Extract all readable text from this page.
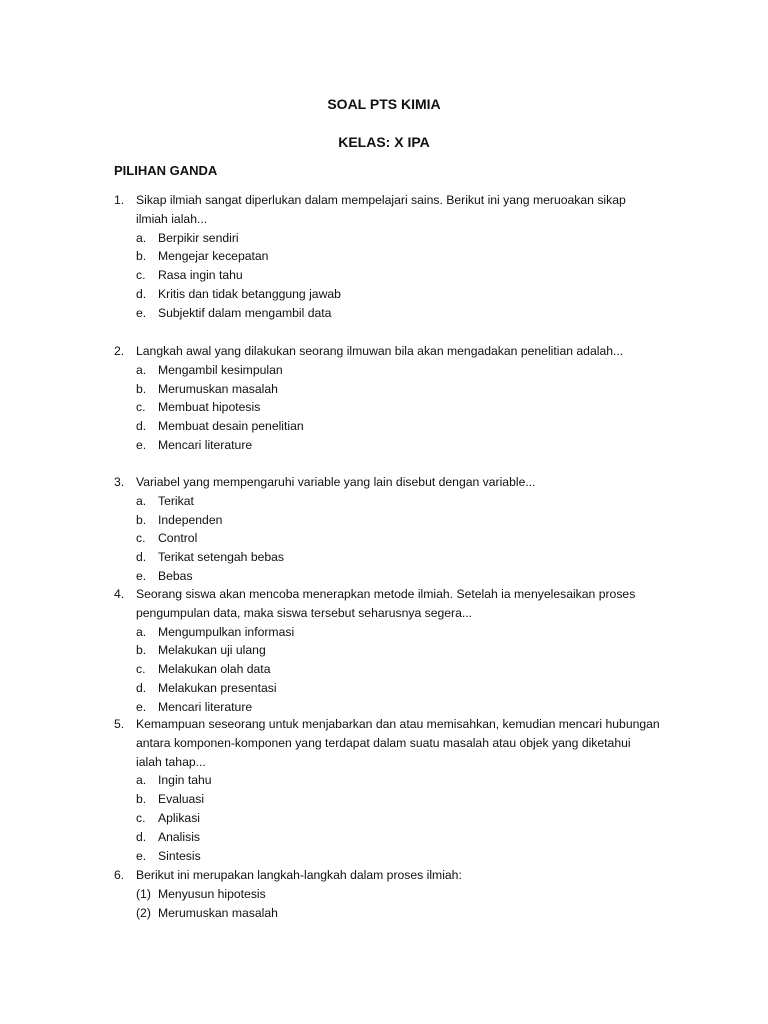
SOAL PTS KIMIA
KELAS: X IPA
PILIHAN GANDA
1. Sikap ilmiah sangat diperlukan dalam mempelajari sains. Berikut ini yang meruoakan sikap
ilmiah ialah...
a. Berpikir sendiri
b. Mengejar kecepatan
c. Rasa ingin tahu
d. Kritis dan tidak betanggung jawab
e. Subjektif dalam mengambil data
2. Langkah awal yang dilakukan seorang ilmuwan bila akan mengadakan penelitian adalah...
a. Mengambil kesimpulan
b. Merumuskan masalah
c. Membuat hipotesis
d. Membuat desain penelitian
e. Mencari literature
3. Variabel yang mempengaruhi variable yang lain disebut dengan variable...
a. Terikat
b. Independen
c. Control
d. Terikat setengah bebas
e. Bebas
4. Seorang siswa akan mencoba menerapkan metode ilmiah. Setelah ia menyelesaikan proses
pengumpulan data, maka siswa tersebut seharusnya segera...
a. Mengumpulkan informasi
b. Melakukan uji ulang
c. Melakukan olah data
d. Melakukan presentasi
e. Mencari literature
5. Kemampuan seseorang untuk menjabarkan dan atau memisahkan, kemudian mencari hubungan
antara komponen-komponen yang terdapat dalam suatu masalah atau objek yang diketahui
ialah tahap...
a. Ingin tahu
b. Evaluasi
c. Aplikasi
d. Analisis
e. Sintesis
6. Berikut ini merupakan langkah-langkah dalam proses ilmiah:
(1) Menyusun hipotesis
(2) Merumuskan masalah
